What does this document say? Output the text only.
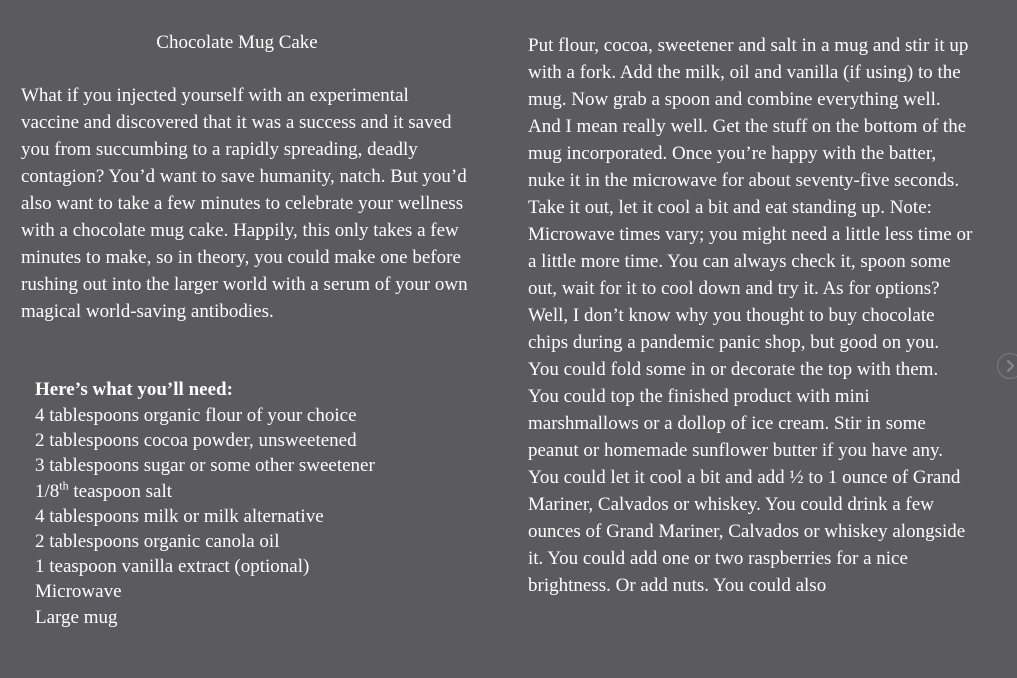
Chocolate Mug Cake

What if you injected yourself with an experimental vaccine and discovered that it was a success and it saved you from succumbing to a rapidly spreading, deadly contagion? You’d want to save humanity, natch. But you’d also want to take a few minutes to celebrate your wellness with a chocolate mug cake. Happily, this only takes a few minutes to make, so in theory, you could make one before rushing out into the larger world with a serum of your own magical world-saving antibodies.

Here’s what you’ll need:
4 tablespoons organic flour of your choice
2 tablespoons cocoa powder, unsweetened
3 tablespoons sugar or some other sweetener
1/8th teaspoon salt
4 tablespoons milk or milk alternative
2 tablespoons organic canola oil
1 teaspoon vanilla extract (optional)
Microwave
Large mug

Put flour, cocoa, sweetener and salt in a mug and stir it up with a fork. Add the milk, oil and vanilla (if using) to the mug. Now grab a spoon and combine everything well. And I mean really well. Get the stuff on the bottom of the mug incorporated. Once you’re happy with the batter, nuke it in the microwave for about seventy-five seconds. Take it out, let it cool a bit and eat standing up. Note: Microwave times vary; you might need a little less time or a little more time. You can always check it, spoon some out, wait for it to cool down and try it. As for options? Well, I don’t know why you thought to buy chocolate chips during a pandemic panic shop, but good on you. You could fold some in or decorate the top with them. You could top the finished product with mini marshmallows or a dollop of ice cream. Stir in some peanut or homemade sunflower butter if you have any. You could let it cool a bit and add ½ to 1 ounce of Grand Mariner, Calvados or whiskey. You could drink a few ounces of Grand Mariner, Calvados or whiskey alongside it. You could add one or two raspberries for a nice brightness. Or add nuts. You could also
